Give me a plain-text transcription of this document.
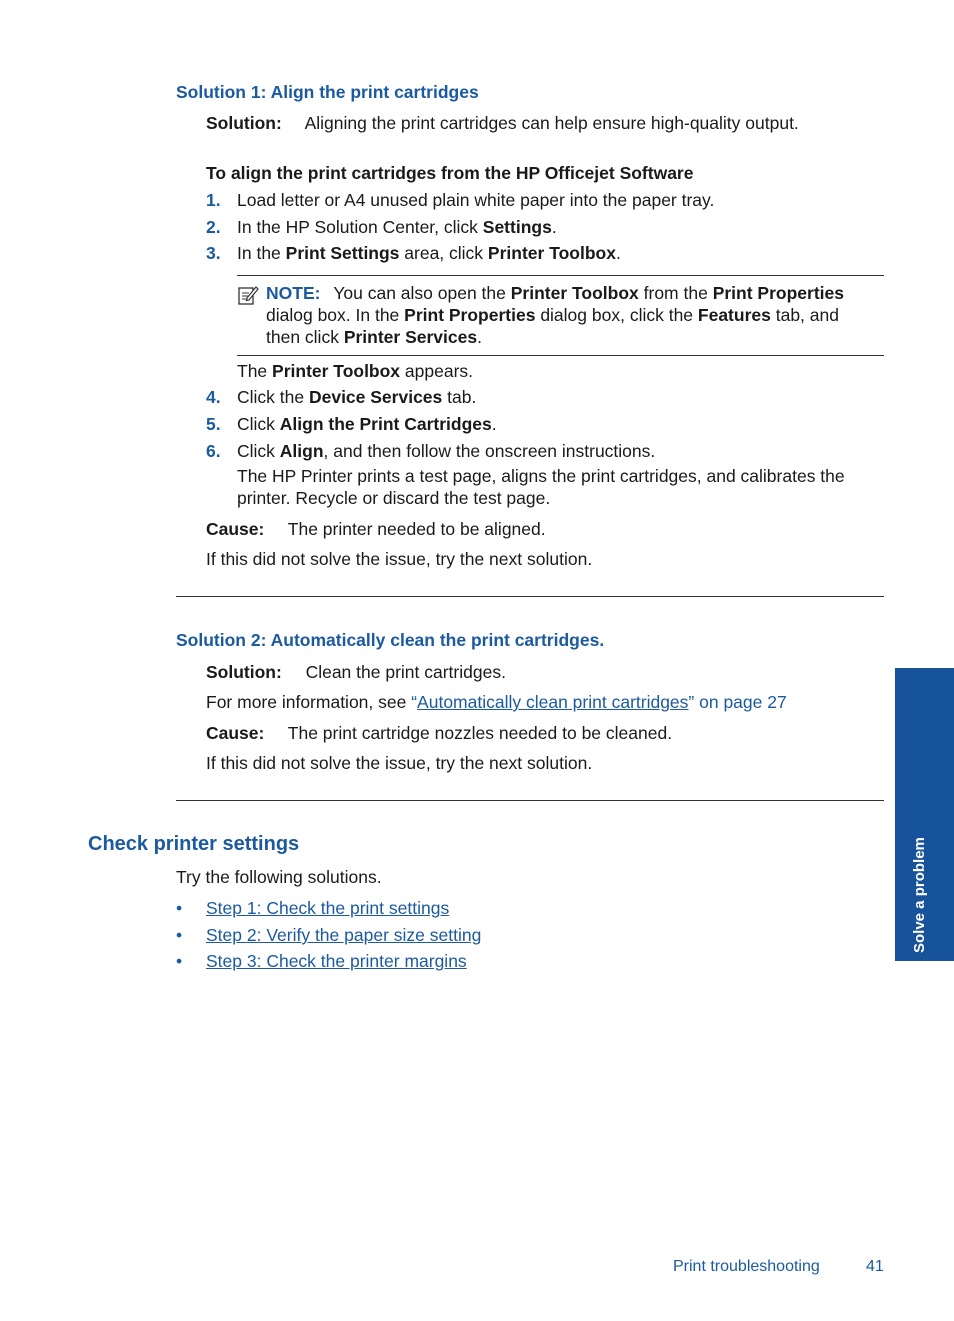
Solution 1: Align the print cartridges
Solution: Aligning the print cartridges can help ensure high-quality output.
To align the print cartridges from the HP Officejet Software
1. Load letter or A4 unused plain white paper into the paper tray.
2. In the HP Solution Center, click Settings.
3. In the Print Settings area, click Printer Toolbox.
NOTE: You can also open the Printer Toolbox from the Print Properties
dialog box. In the Print Properties dialog box, click the Features tab, and
then click Printer Services.
The Printer Toolbox appears.
4. Click the Device Services tab.
5. Click Align the Print Cartridges.
6. Click Align, and then follow the onscreen instructions.
The HP Printer prints a test page, aligns the print cartridges, and calibrates the
printer. Recycle or discard the test page.
Cause: The printer needed to be aligned.
If this did not solve the issue, try the next solution.
Solution 2: Automatically clean the print cartridges.
Solution: Clean the print cartridges.
For more information, see “Automatically clean print cartridges” on page 27
Cause: The print cartridge nozzles needed to be cleaned.
If this did not solve the issue, try the next solution.
Check printer settings
Try the following solutions.
• Step 1: Check the print settings
• Step 2: Verify the paper size setting
• Step 3: Check the printer margins
Solve a problem
Print troubleshooting	41
